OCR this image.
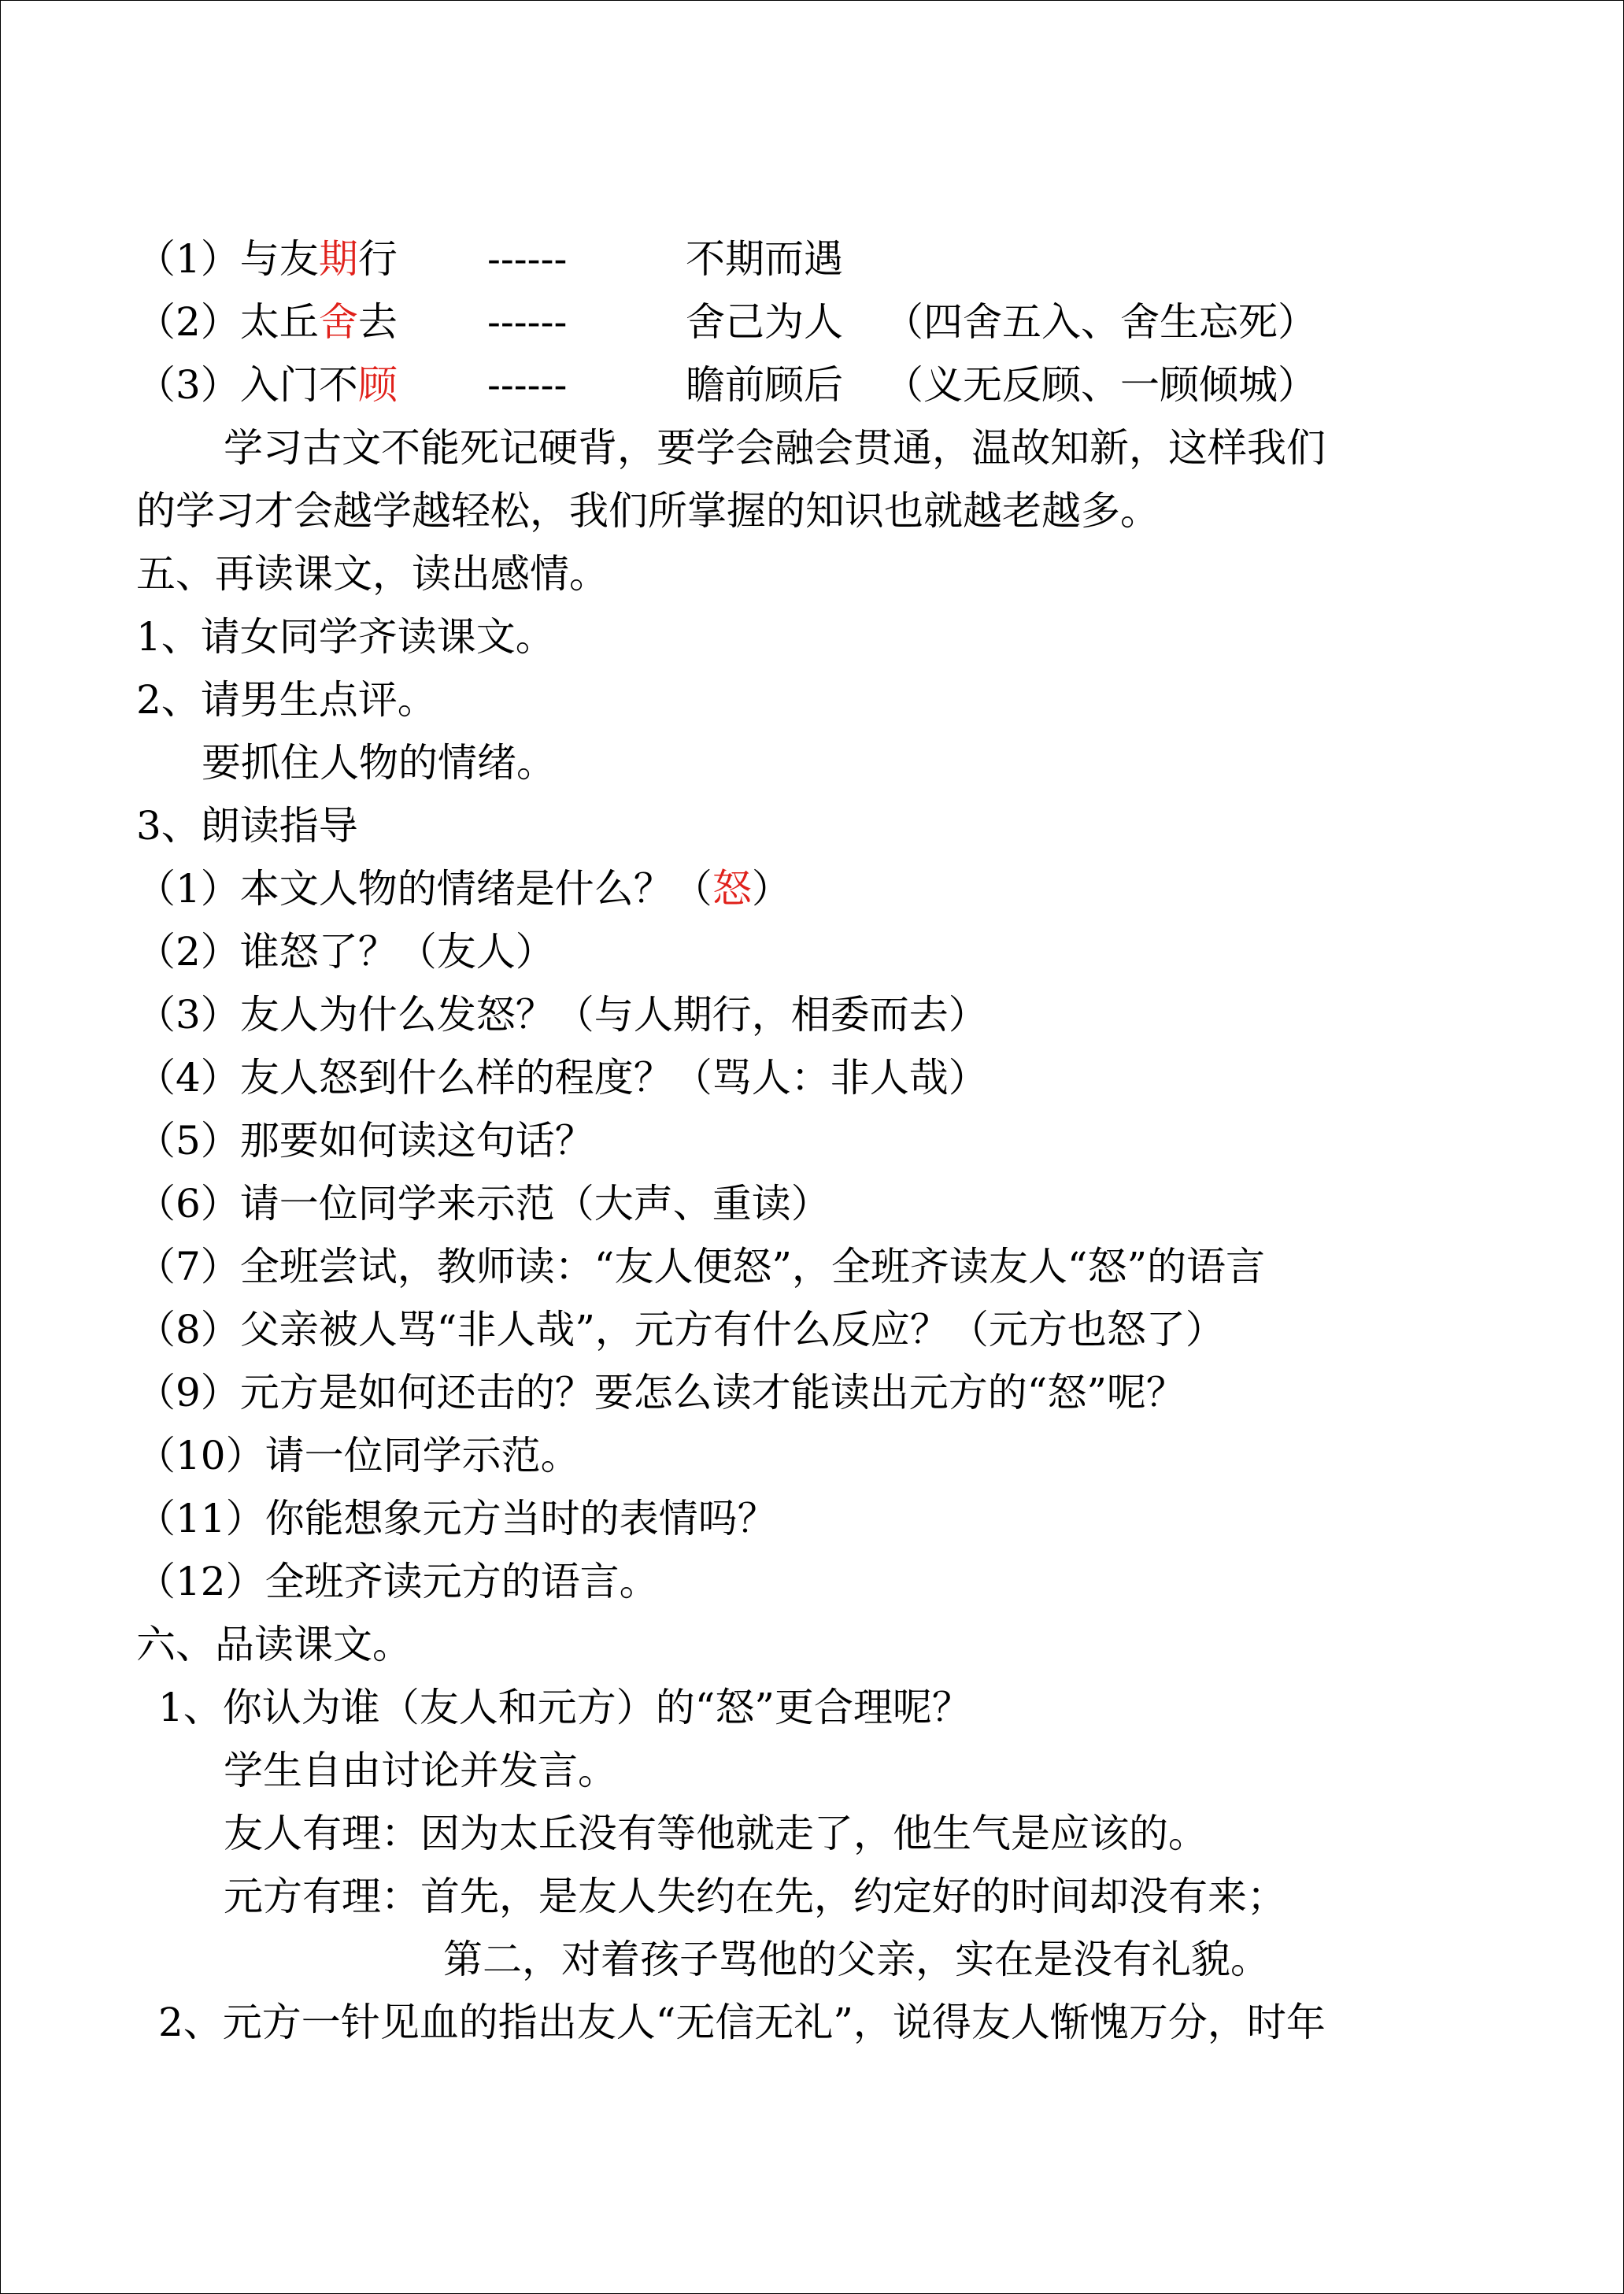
（1）与友期行 ------	不期而遇
（2）太丘舍去 ------	舍己为人 （四舍五入、舍生忘死）
（3）入门不顾 ------	瞻前顾后 （义无反顾、一顾倾城）
学习古文不能死记硬背，要学会融会贯通，温故知新，这样我们
的学习才会越学越轻松，我们所掌握的知识也就越老越多。
五、再读课文，读出感情。
1、请女同学齐读课文。
2、请男生点评。
要抓住人物的情绪。
3、朗读指导
（1）本文人物的情绪是什么？（怒）
（2）谁怒了？（友人）
（3）友人为什么发怒？（与人期行，相委而去）
（4）友人怒到什么样的程度？（骂人：非人哉）
（5）那要如何读这句话？
（6）请一位同学来示范（大声、重读）
（7）全班尝试，教师读：“友人便怒”，全班齐读友人“怒”的语言
（8）父亲被人骂“非人哉”，元方有什么反应？（元方也怒了）
（9）元方是如何还击的？要怎么读才能读出元方的“怒”呢？
（10）请一位同学示范。
（11）你能想象元方当时的表情吗？
（12）全班齐读元方的语言。
六、品读课文。
1、你认为谁（友人和元方）的“怒”更合理呢？
学生自由讨论并发言。
友人有理：因为太丘没有等他就走了，他生气是应该的。
元方有理：首先，是友人失约在先，约定好的时间却没有来；
第二，对着孩子骂他的父亲，实在是没有礼貌。
2、元方一针见血的指出友人“无信无礼”，说得友人惭愧万分，时年
